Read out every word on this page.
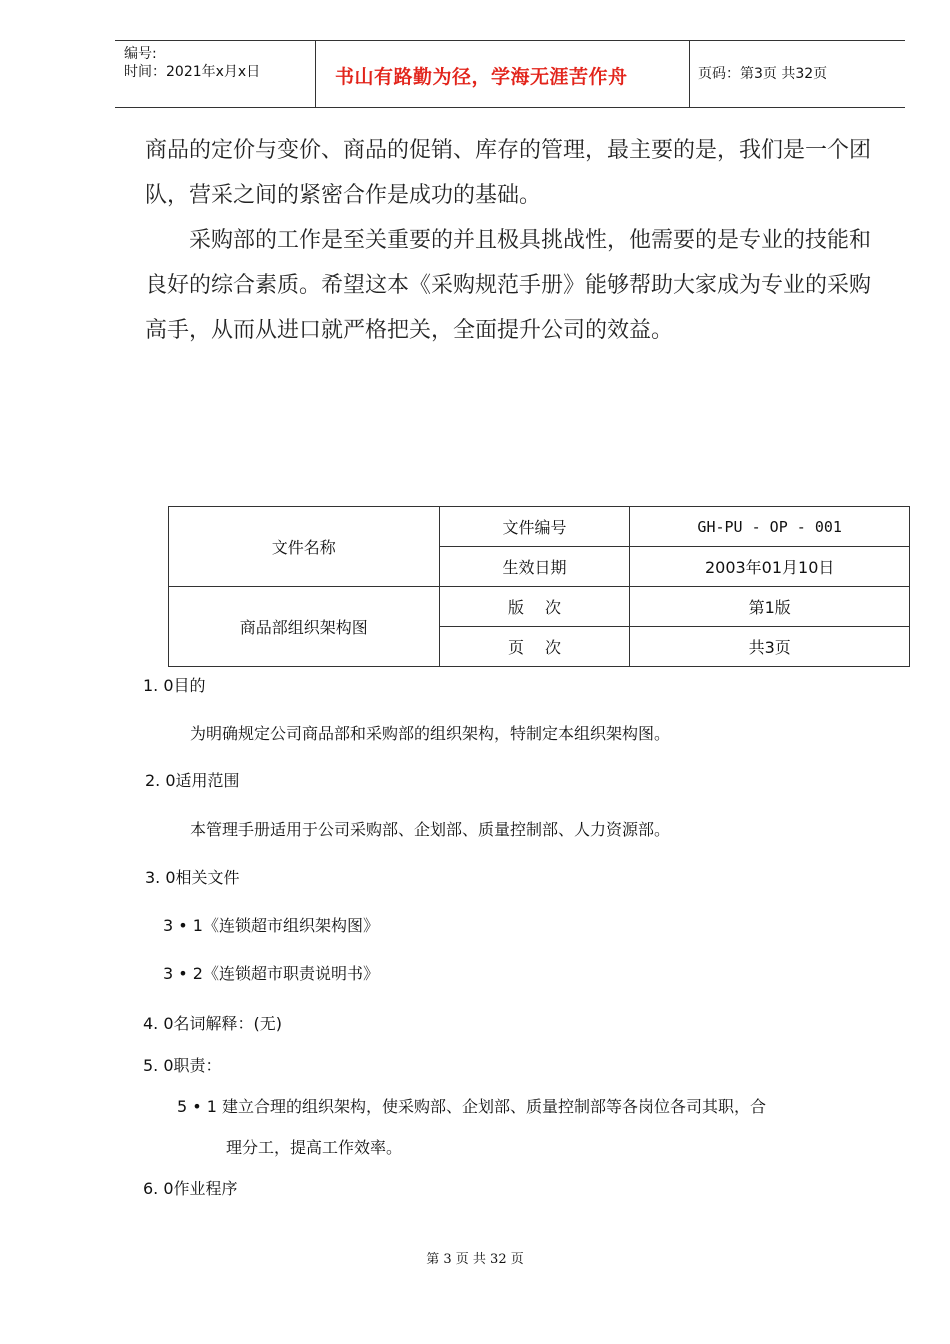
编号:
时间：2021年x月x日	书山有路勤为径，学海无涯苦作舟	页码：第3页 共32页

商品的定价与变价、商品的促销、库存的管理，最主要的是，我们是一个团队，营采之间的紧密合作是成功的基础。

采购部的工作是至关重要的并且极具挑战性，他需要的是专业的技能和良好的综合素质。希望这本《采购规范手册》能够帮助大家成为专业的采购高手，从而从进口就严格把关，全面提升公司的效益。

文件名称	文件编号	GH-PU - OP - 001
	生效日期	2003年01月10日
商品部组织架构图	版　 次	第1版
	页　 次	共3页
1. 0目的
为明确规定公司商品部和采购部的组织架构，特制定本组织架构图。
2. 0适用范围
本管理手册适用于公司采购部、企划部、质量控制部、人力资源部。
3. 0相关文件
3 • 1《连锁超市组织架构图》
3 • 2《连锁超市职责说明书》
4. 0名词解释：(无)
5. 0职责：
5 • 1 建立合理的组织架构，使采购部、企划部、质量控制部等各岗位各司其职，合
理分工，提高工作效率。
6. 0作业程序
第 3 页 共 32 页
